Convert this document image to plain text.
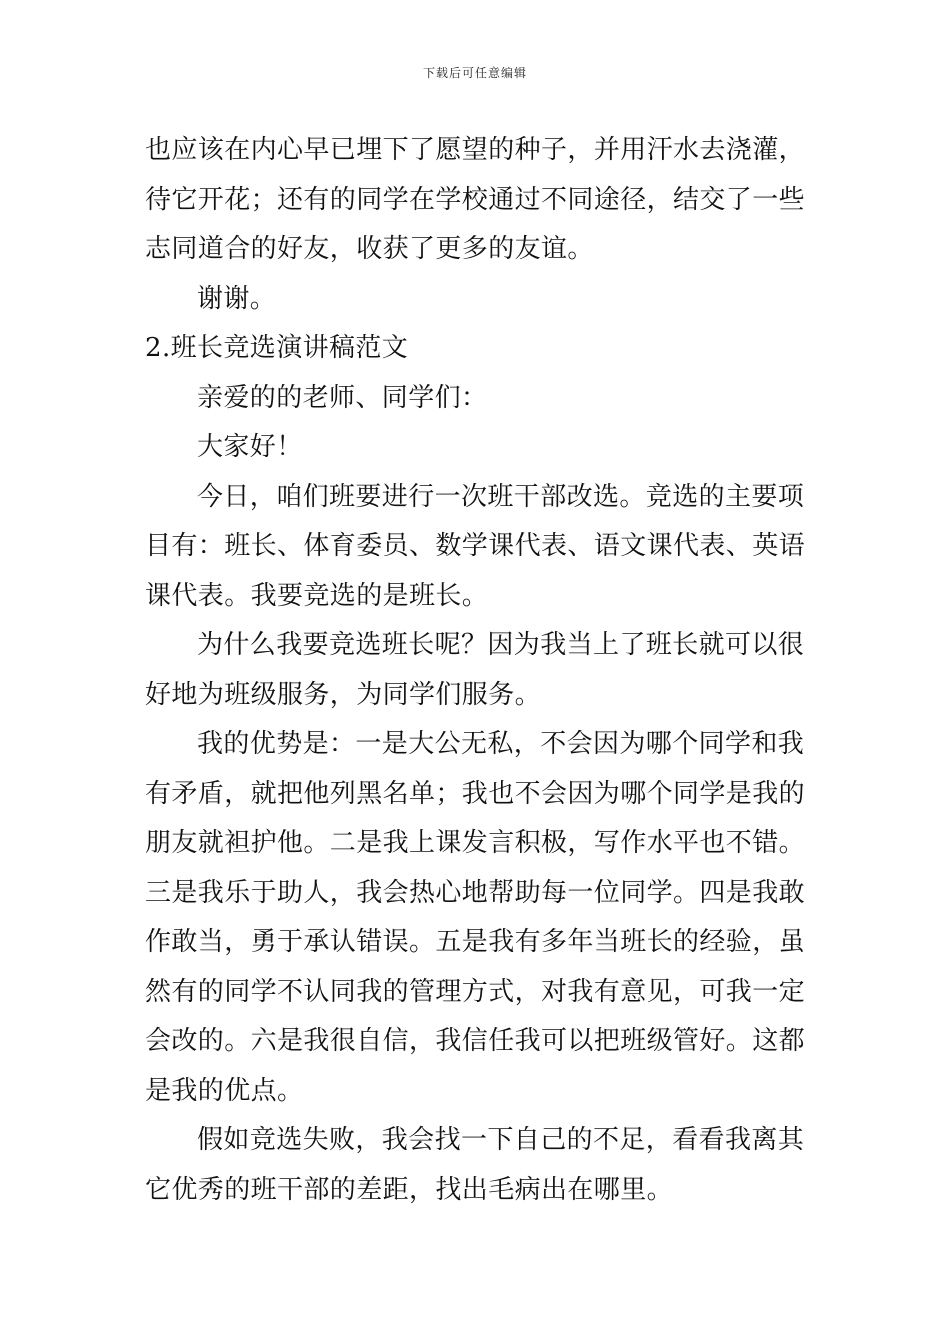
下载后可任意编辑
也应该在内心早已埋下了愿望的种子，并用汗水去浇灌，
待它开花；还有的同学在学校通过不同途径，结交了一些
志同道合的好友，收获了更多的友谊。
谢谢。
2.班长竞选演讲稿范文
亲爱的的老师、同学们：
大家好！
今日，咱们班要进行一次班干部改选。竞选的主要项
目有：班长、体育委员、数学课代表、语文课代表、英语
课代表。我要竞选的是班长。
为什么我要竞选班长呢？因为我当上了班长就可以很
好地为班级服务，为同学们服务。
我的优势是：一是大公无私，不会因为哪个同学和我
有矛盾，就把他列黑名单；我也不会因为哪个同学是我的
朋友就袒护他。二是我上课发言积极，写作水平也不错。
三是我乐于助人，我会热心地帮助每一位同学。四是我敢
作敢当，勇于承认错误。五是我有多年当班长的经验，虽
然有的同学不认同我的管理方式，对我有意见，可我一定
会改的。六是我很自信，我信任我可以把班级管好。这都
是我的优点。
假如竞选失败，我会找一下自己的不足，看看我离其
它优秀的班干部的差距，找出毛病出在哪里。
